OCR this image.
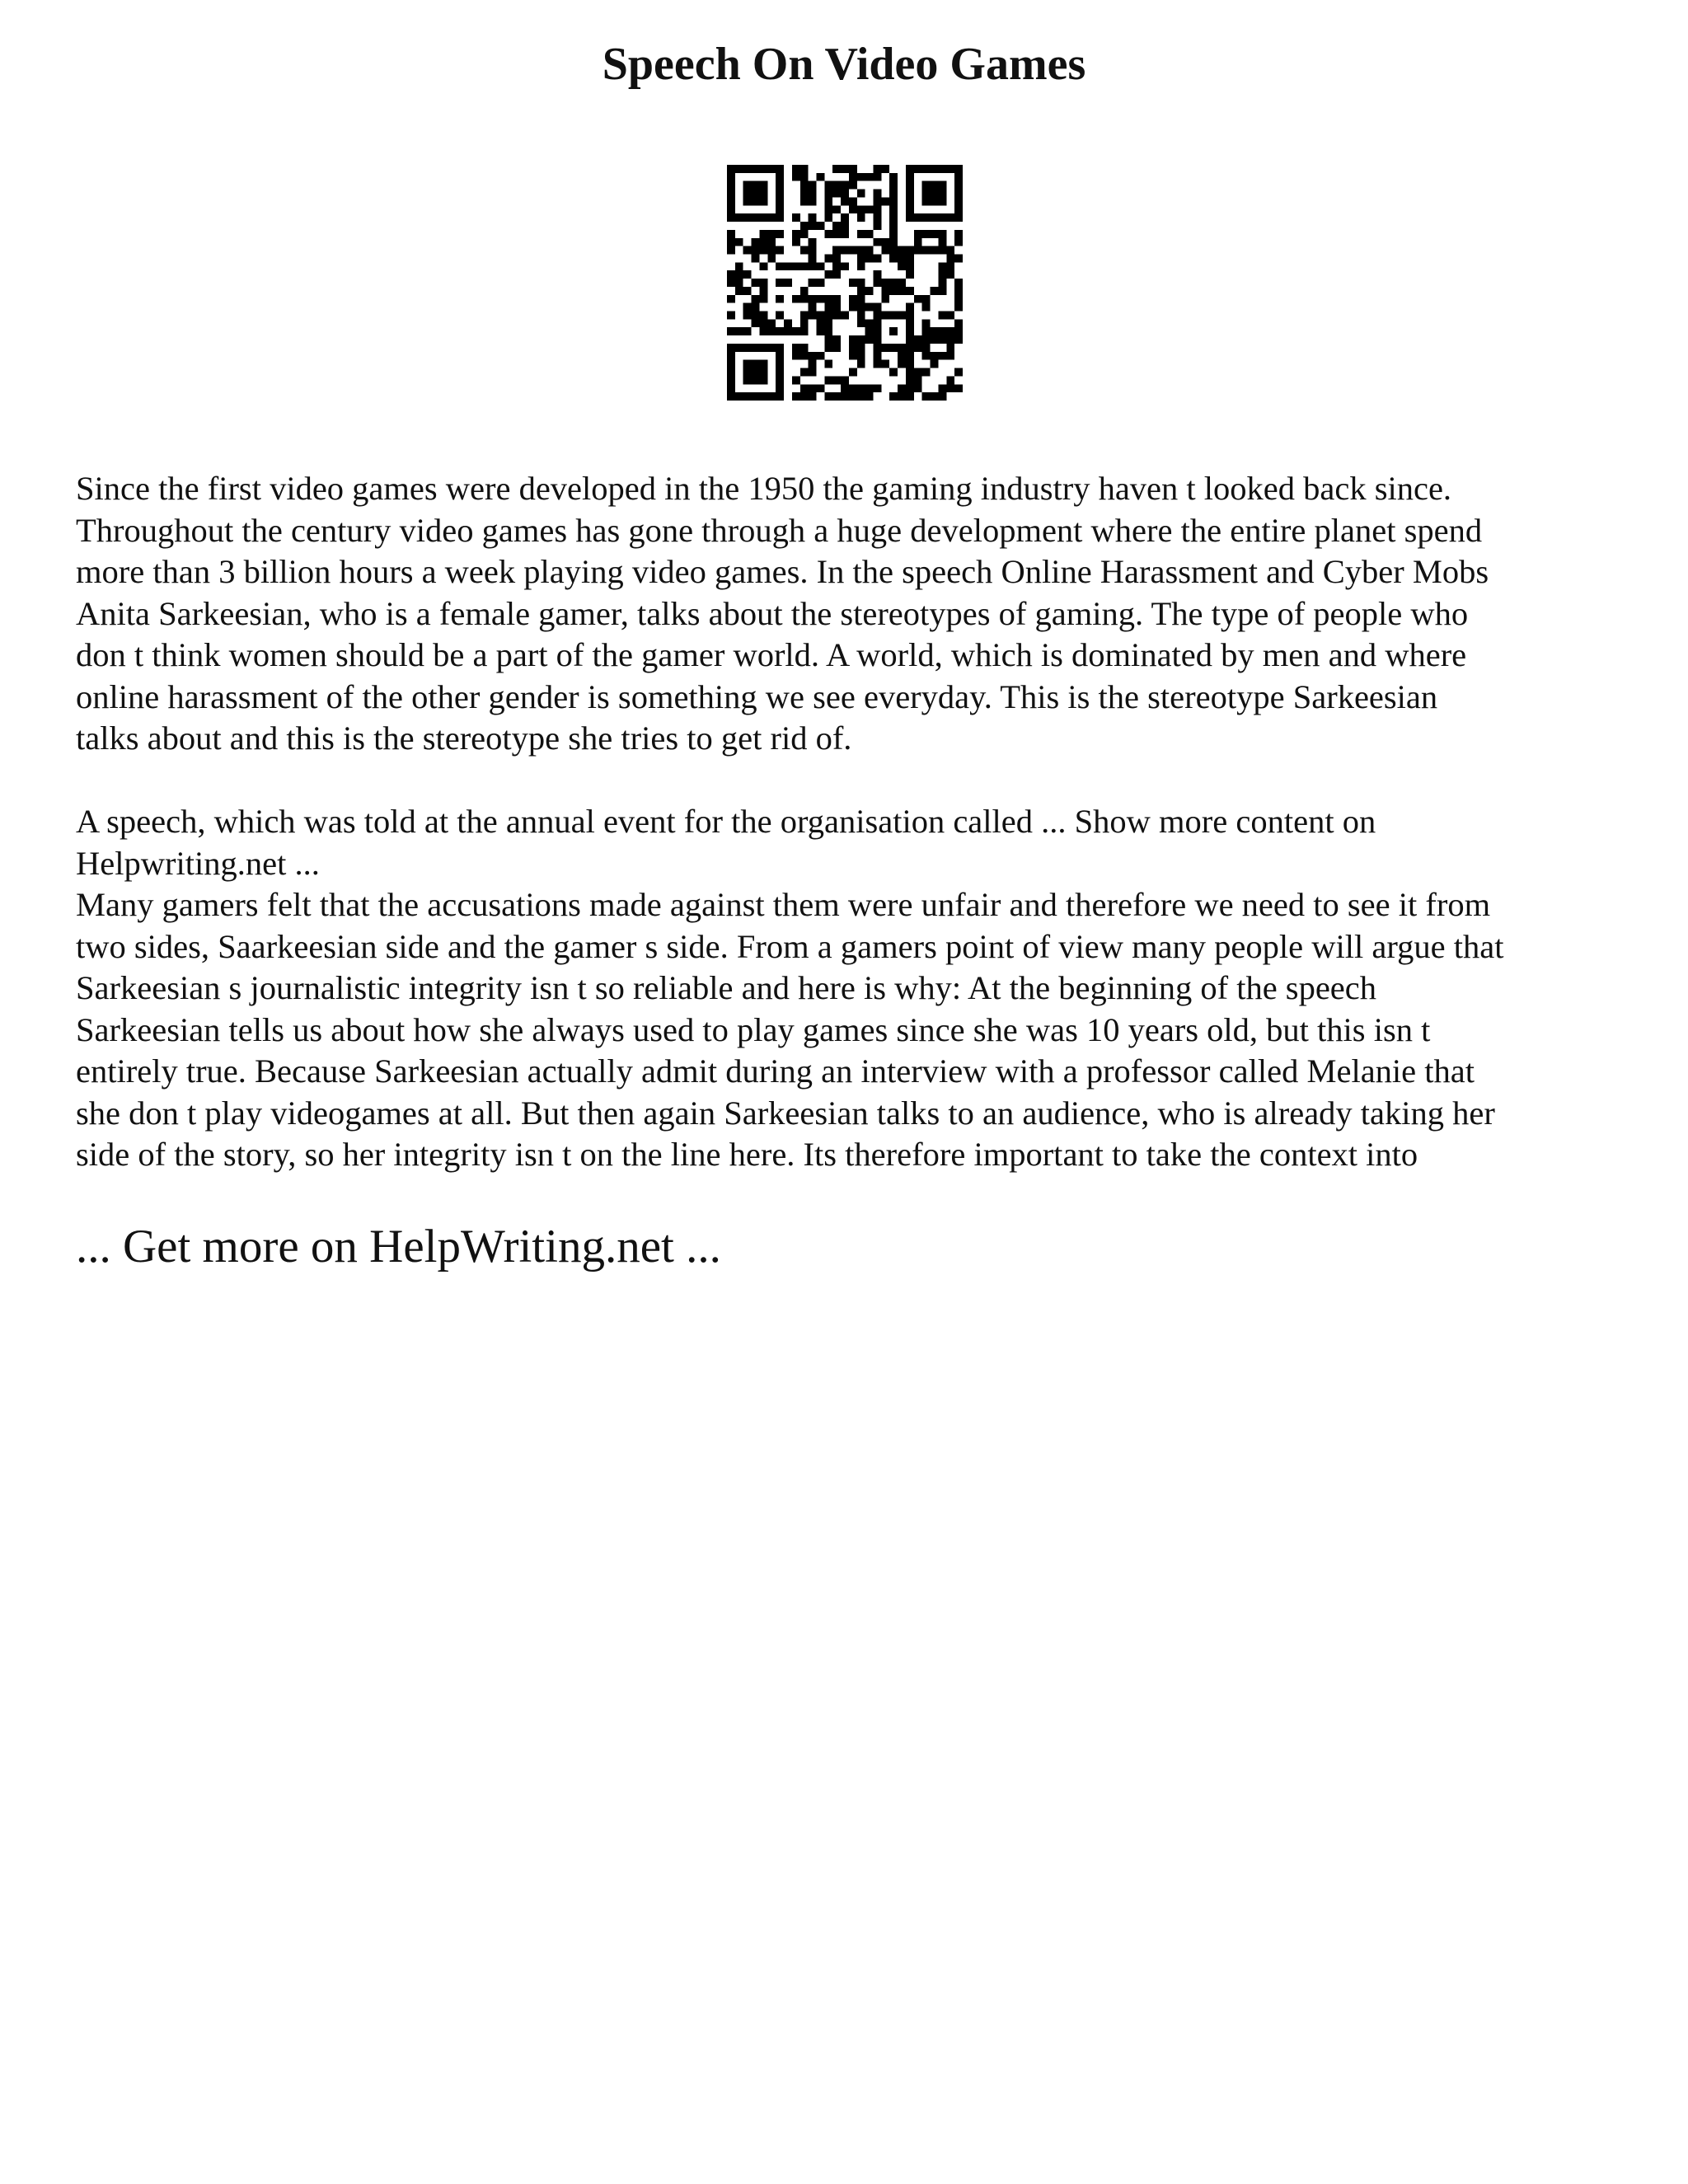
Speech On Video Games

Since the first video games were developed in the 1950 the gaming industry haven t looked back since.
Throughout the century video games has gone through a huge development where the entire planet spend
more than 3 billion hours a week playing video games. In the speech Online Harassment and Cyber Mobs
Anita Sarkeesian, who is a female gamer, talks about the stereotypes of gaming. The type of people who
don t think women should be a part of the gamer world. A world, which is dominated by men and where
online harassment of the other gender is something we see everyday. This is the stereotype Sarkeesian
talks about and this is the stereotype she tries to get rid of.

A speech, which was told at the annual event for the organisation called ... Show more content on
Helpwriting.net ...

Many gamers felt that the accusations made against them were unfair and therefore we need to see it from
two sides, Saarkeesian side and the gamer s side. From a gamers point of view many people will argue that
Sarkeesian s journalistic integrity isn t so reliable and here is why: At the beginning of the speech
Sarkeesian tells us about how she always used to play games since she was 10 years old, but this isn t
entirely true. Because Sarkeesian actually admit during an interview with a professor called Melanie that
she don t play videogames at all. But then again Sarkeesian talks to an audience, who is already taking her
side of the story, so her integrity isn t on the line here. Its therefore important to take the context into

... Get more on HelpWriting.net ...
